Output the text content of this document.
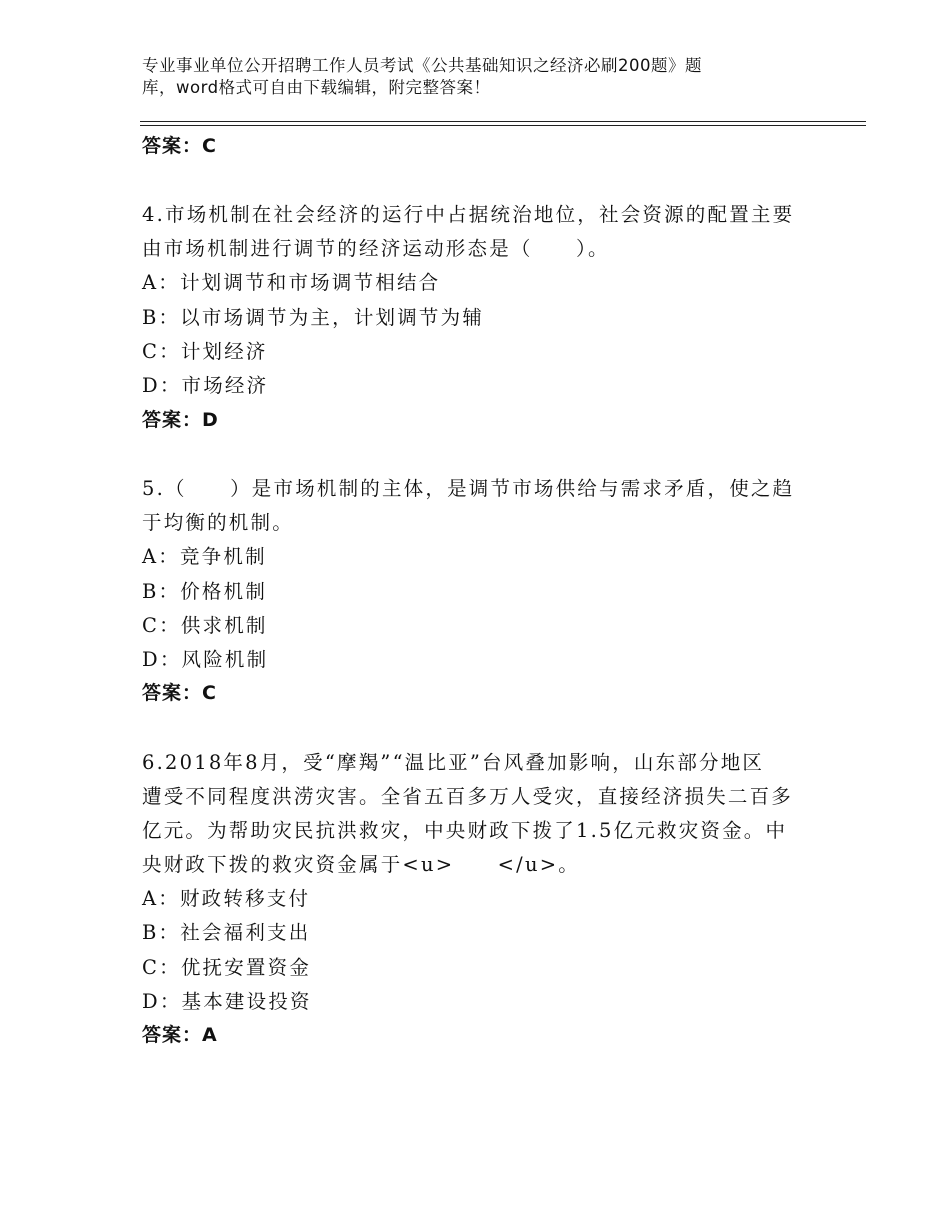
专业事业单位公开招聘工作人员考试《公共基础知识之经济必刷200题》题
库，word格式可自由下载编辑，附完整答案！
答案：C
4.市场机制在社会经济的运行中占据统治地位，社会资源的配置主要
由市场机制进行调节的经济运动形态是（　　）。
A：计划调节和市场调节相结合
B：以市场调节为主，计划调节为辅
C：计划经济
D：市场经济
答案：D
5.（　　）是市场机制的主体，是调节市场供给与需求矛盾，使之趋
于均衡的机制。
A：竞争机制
B：价格机制
C：供求机制
D：风险机制
答案：C
6.2018年8月，受“摩羯”“温比亚”台风叠加影响，山东部分地区
遭受不同程度洪涝灾害。全省五百多万人受灾，直接经济损失二百多
亿元。为帮助灾民抗洪救灾，中央财政下拨了1.5亿元救灾资金。中
央财政下拨的救灾资金属于<u>　　</u>。
A：财政转移支付
B：社会福利支出
C：优抚安置资金
D：基本建设投资
答案：A
